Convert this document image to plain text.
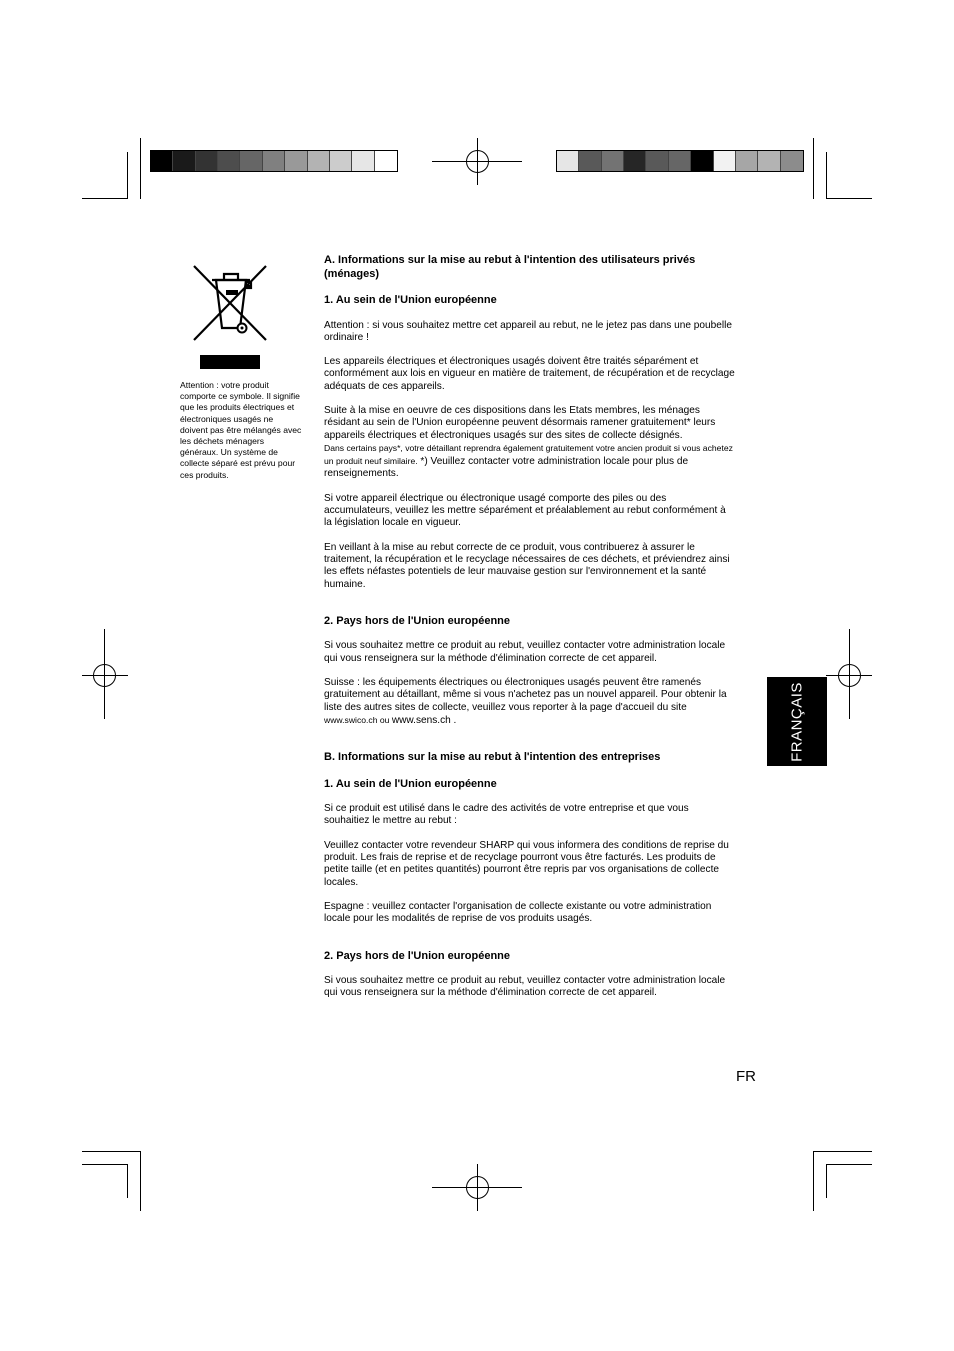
Attention : votre produit comporte ce symbole. Il signifie que les produits électriques et électroniques usagés ne doivent pas être mélangés avec les déchets ménagers généraux. Un système de collecte séparé est prévu pour ces produits.

A. Informations sur la mise au rebut à l'intention des utilisateurs privés (ménages)

1. Au sein de l'Union européenne

Attention : si vous souhaitez mettre cet appareil au rebut, ne le jetez pas dans une poubelle ordinaire !

Les appareils électriques et électroniques usagés doivent être traités séparément et conformément aux lois en vigueur en matière de traitement, de récupération et de recyclage adéquats de ces appareils.

Suite à la mise en oeuvre de ces dispositions dans les Etats membres, les ménages résidant au sein de l'Union européenne peuvent désormais ramener gratuitement* leurs appareils électriques et électroniques usagés sur des sites de collecte désignés.
Dans certains pays*, votre détaillant reprendra également gratuitement votre ancien produit si vous achetez un produit neuf similaire. *) Veuillez contacter votre administration locale pour plus de renseignements.

Si votre appareil électrique ou électronique usagé comporte des piles ou des accumulateurs, veuillez les mettre séparément et préalablement au rebut conformément à la législation locale en vigueur.

En veillant à la mise au rebut correcte de ce produit, vous contribuerez à assurer le traitement, la récupération et le recyclage nécessaires de ces déchets, et préviendrez ainsi les effets néfastes potentiels de leur mauvaise gestion sur l'environnement et la santé humaine.

2. Pays hors de l'Union européenne

Si vous souhaitez mettre ce produit au rebut, veuillez contacter votre administration locale qui vous renseignera sur la méthode d'élimination correcte de cet appareil.

Suisse : les équipements électriques ou électroniques usagés peuvent être ramenés gratuitement au détaillant, même si vous n'achetez pas un nouvel appareil. Pour obtenir la liste des autres sites de collecte, veuillez vous reporter à la page d'accueil du site www.swico.ch ou www.sens.ch .

B. Informations sur la mise au rebut à l'intention des entreprises

1. Au sein de l'Union européenne

Si ce produit est utilisé dans le cadre des activités de votre entreprise et que vous souhaitiez le mettre au rebut :

Veuillez contacter votre revendeur SHARP qui vous informera des conditions de reprise du produit. Les frais de reprise et de recyclage pourront vous être facturés. Les produits de petite taille (et en petites quantités) pourront être repris par vos organisations de collecte locales.

Espagne : veuillez contacter l'organisation de collecte existante ou votre administration locale pour les modalités de reprise de vos produits usagés.

2. Pays hors de l'Union européenne

Si vous souhaitez mettre ce produit au rebut, veuillez contacter votre administration locale qui vous renseignera sur la méthode d'élimination correcte de cet appareil.

FRANÇAIS
FR
